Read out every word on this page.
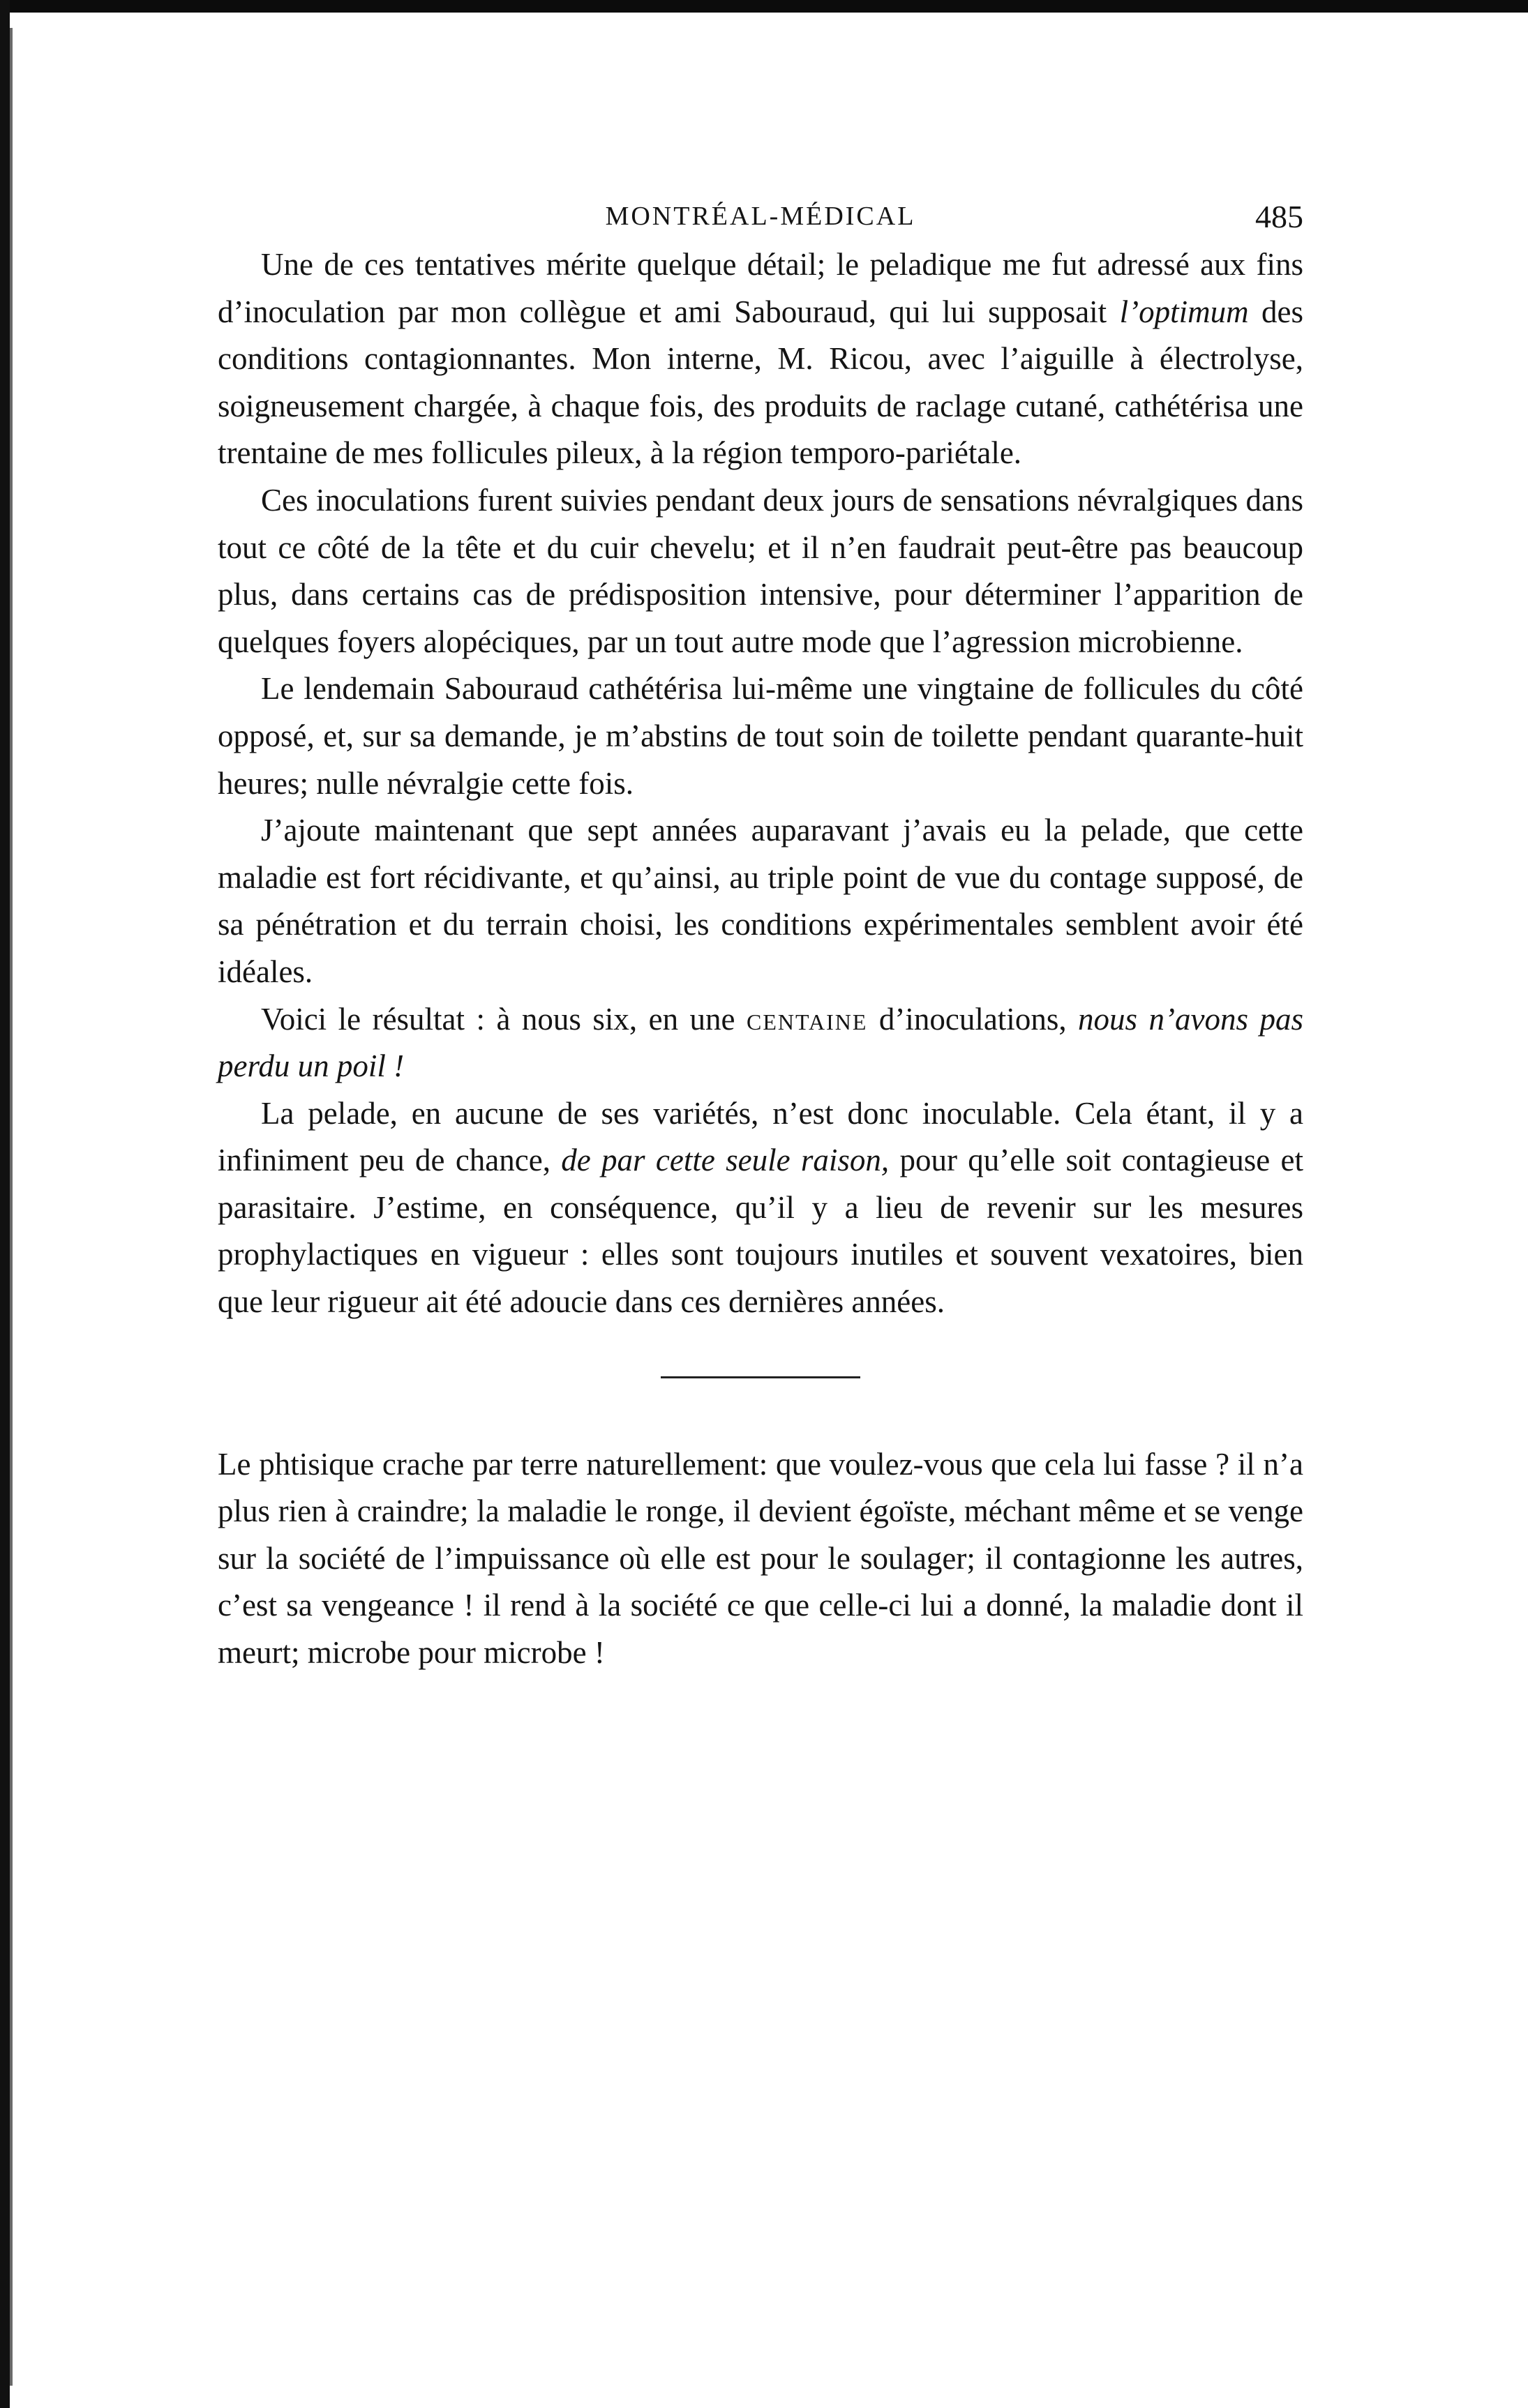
MONTRÉAL-MÉDICAL	485

Une de ces tentatives mérite quelque détail; le peladique me fut adressé aux fins d’inoculation par mon collègue et ami Sabouraud, qui lui supposait l’optimum des conditions contagionnantes. Mon interne, M. Ricou, avec l’aiguille à électrolyse, soigneusement chargée, à chaque fois, des produits de raclage cutané, cathétérisa une trentaine de mes follicules pileux, à la région temporo-pariétale.

Ces inoculations furent suivies pendant deux jours de sensations névralgiques dans tout ce côté de la tête et du cuir chevelu; et il n’en faudrait peut-être pas beaucoup plus, dans certains cas de prédisposition intensive, pour déterminer l’apparition de quelques foyers alopéciques, par un tout autre mode que l’agression microbienne.

Le lendemain Sabouraud cathétérisa lui-même une vingtaine de follicules du côté opposé, et, sur sa demande, je m’abstins de tout soin de toilette pendant quarante-huit heures; nulle névralgie cette fois.

J’ajoute maintenant que sept années auparavant j’avais eu la pelade, que cette maladie est fort récidivante, et qu’ainsi, au triple point de vue du contage supposé, de sa pénétration et du terrain choisi, les conditions expérimentales semblent avoir été idéales.

Voici le résultat : à nous six, en une centaine d’inoculations, nous n’avons pas perdu un poil !

La pelade, en aucune de ses variétés, n’est donc inoculable. Cela étant, il y a infiniment peu de chance, de par cette seule raison, pour qu’elle soit contagieuse et parasitaire. J’estime, en conséquence, qu’il y a lieu de revenir sur les mesures prophylactiques en vigueur : elles sont toujours inutiles et souvent vexatoires, bien que leur rigueur ait été adoucie dans ces dernières années.

Le phtisique crache par terre naturellement: que voulez-vous que cela lui fasse ? il n’a plus rien à craindre; la maladie le ronge, il devient égoïste, méchant même et se venge sur la société de l’impuissance où elle est pour le soulager; il contagionne les autres, c’est sa vengeance ! il rend à la société ce que celle-ci lui a donné, la maladie dont il meurt; microbe pour microbe !
